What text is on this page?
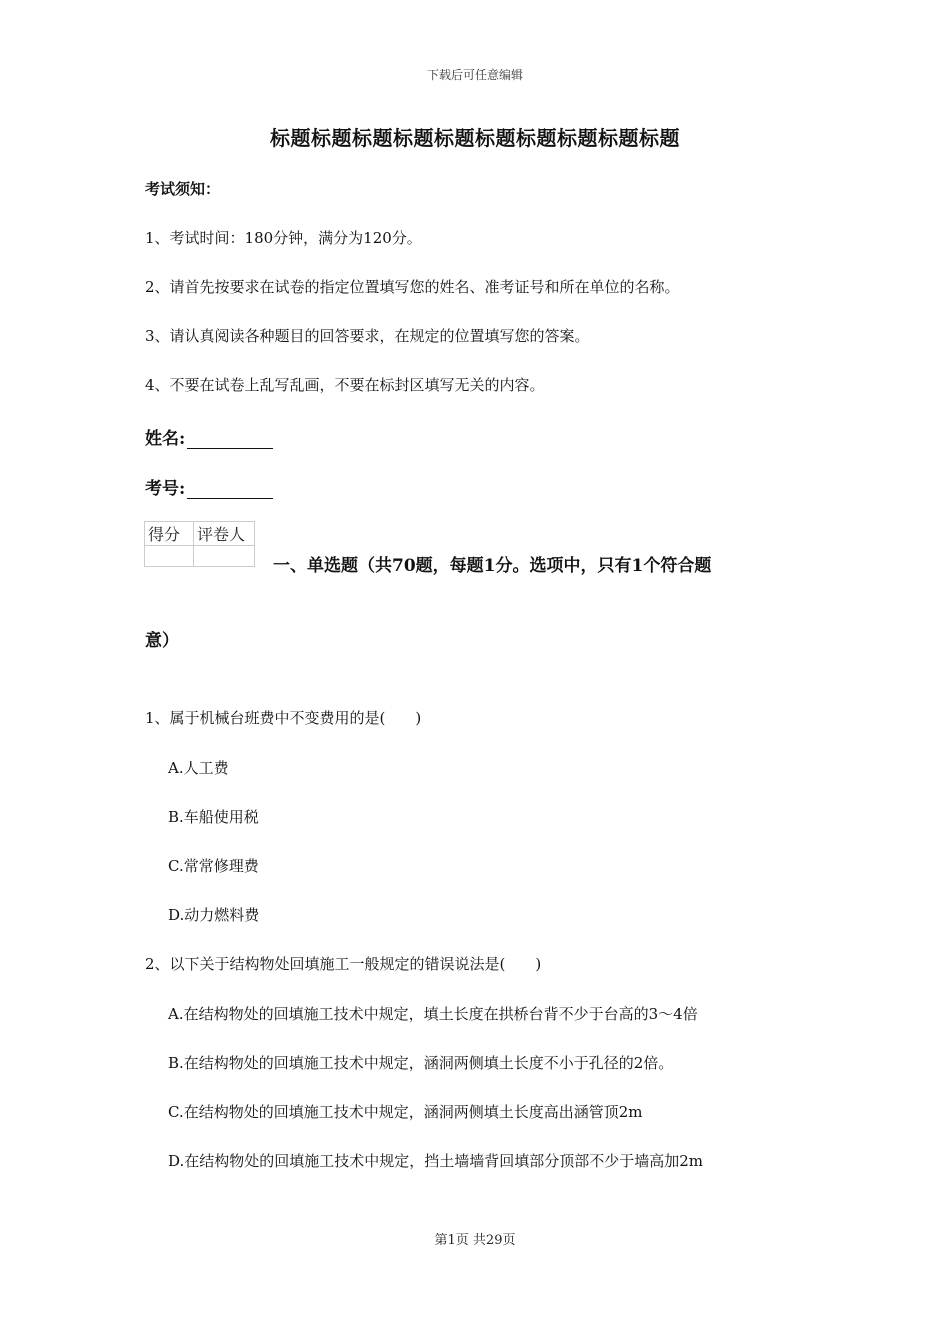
下载后可任意编辑
标题标题标题标题标题标题标题标题标题标题
考试须知：
1、考试时间：180分钟，满分为120分。
2、请首先按要求在试卷的指定位置填写您的姓名、准考证号和所在单位的名称。
3、请认真阅读各种题目的回答要求，在规定的位置填写您的答案。
4、不要在试卷上乱写乱画，不要在标封区填写无关的内容。
姓名:
考号:
得分	评卷人

一、单选题（共70题，每题1分。选项中，只有1个符合题
意）
1、属于机械台班费中不变费用的是(　　)
A.人工费
B.车船使用税
C.常常修理费
D.动力燃料费
2、以下关于结构物处回填施工一般规定的错误说法是(　　)
A.在结构物处的回填施工技术中规定，填土长度在拱桥台背不少于台高的3～4倍
B.在结构物处的回填施工技术中规定，涵洞两侧填土长度不小于孔径的2倍。
C.在结构物处的回填施工技术中规定，涵洞两侧填土长度高出涵管顶2m
D.在结构物处的回填施工技术中规定，挡土墙墙背回填部分顶部不少于墙高加2m
第1页 共29页
